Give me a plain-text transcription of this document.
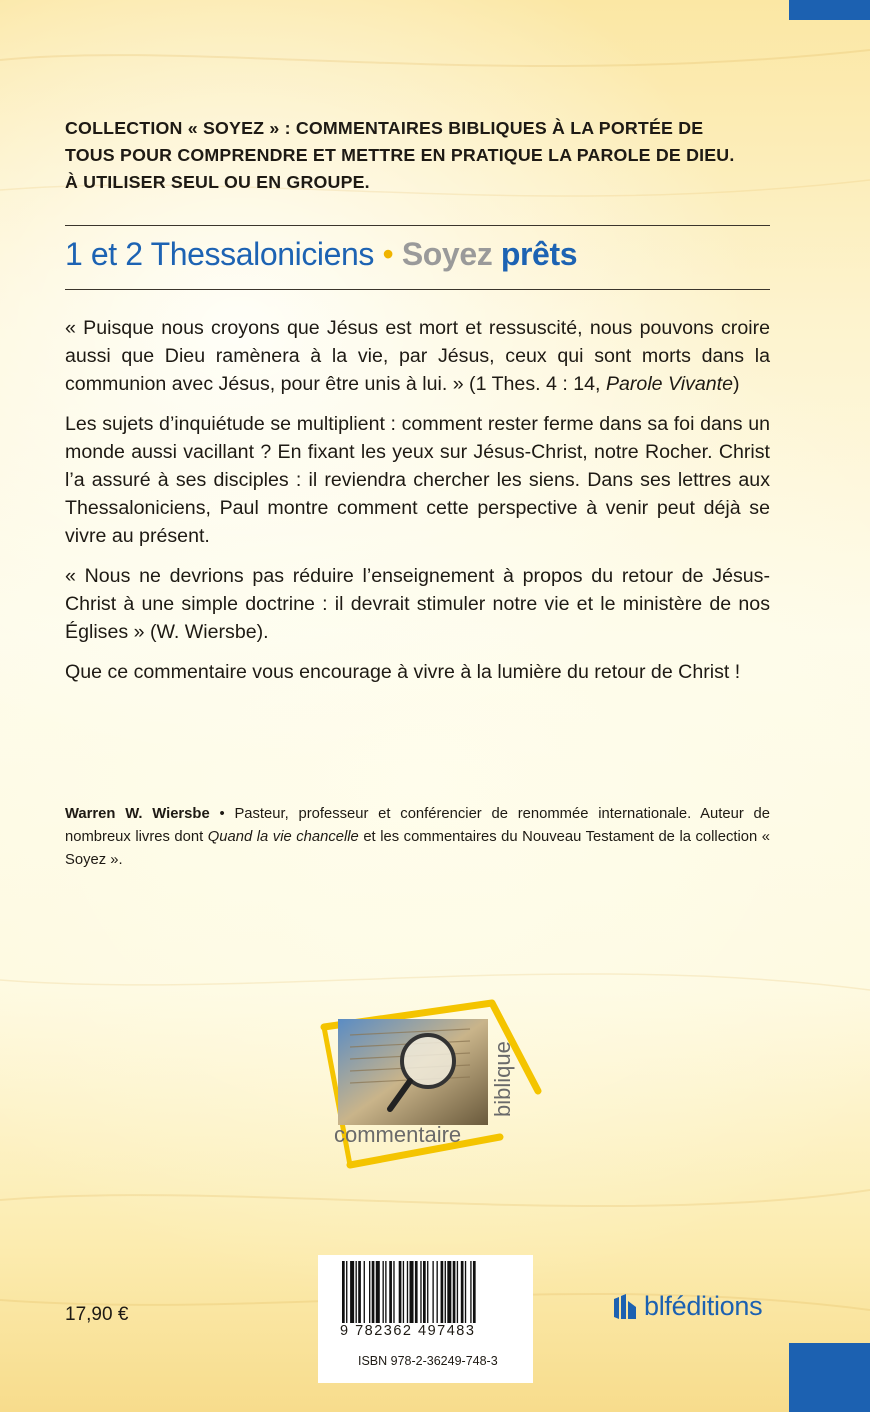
COLLECTION « SOYEZ » : COMMENTAIRES BIBLIQUES À LA PORTÉE DE
TOUS POUR COMPRENDRE ET METTRE EN PRATIQUE LA PAROLE DE DIEU.
À UTILISER SEUL OU EN GROUPE.
1 et 2 Thessaloniciens • Soyez prêts

« Puisque nous croyons que Jésus est mort et ressuscité, nous pouvons croire aussi que Dieu ramènera à la vie, par Jésus, ceux qui sont morts dans la communion avec Jésus, pour être unis à lui. » (1 Thes. 4 : 14, Parole Vivante)

Les sujets d’inquiétude se multiplient : comment rester ferme dans sa foi dans un monde aussi vacillant ? En fixant les yeux sur Jésus-Christ, notre Rocher. Christ l’a assuré à ses disciples : il reviendra chercher les siens. Dans ses lettres aux Thessaloniciens, Paul montre comment cette perspective à venir peut déjà se vivre au présent.

« Nous ne devrions pas réduire l’enseignement à propos du retour de Jésus-Christ à une simple doctrine : il devrait stimuler notre vie et le ministère de nos Églises » (W. Wiersbe).

Que ce commentaire vous encourage à vivre à la lumière du retour de Christ !

Warren W. Wiersbe • Pasteur, professeur et conférencier de renommée internationale. Auteur de nombreux livres dont Quand la vie chancelle et les commentaires du Nouveau Testament de la collection « Soyez ».
commentaire
biblique
17,90 €
9 782362 497483
ISBN 978-2-36249-748-3
blféditions
